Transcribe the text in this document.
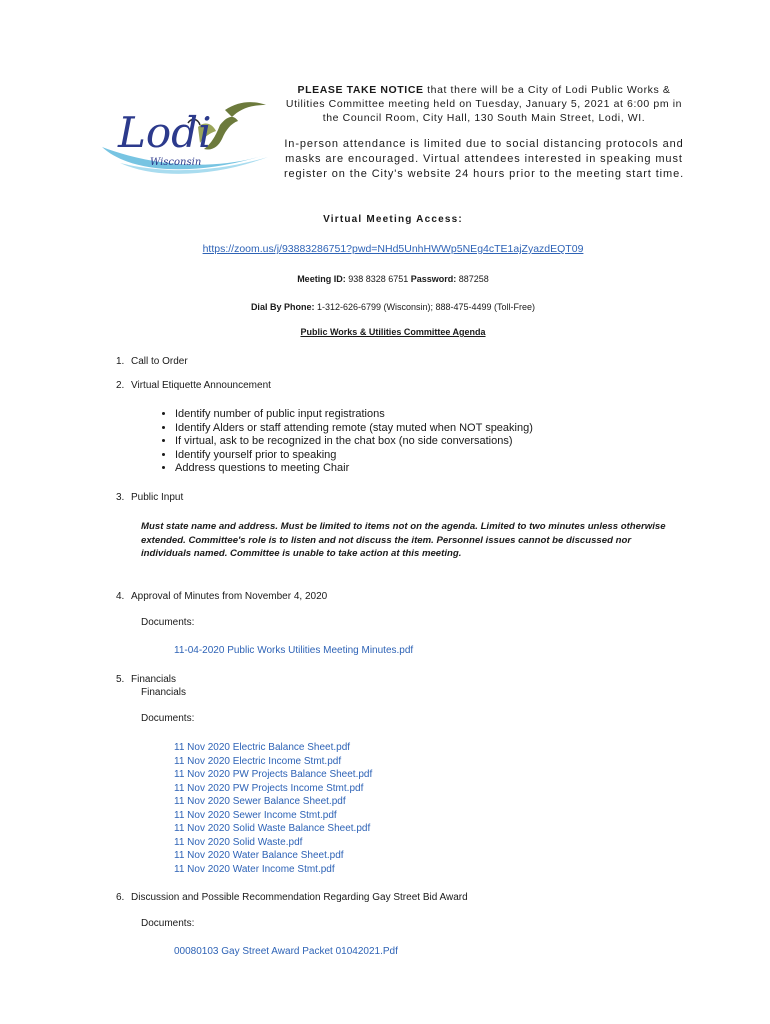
Lodi
Wisconsin

PLEASE TAKE NOTICE that there will be a City of Lodi Public Works & Utilities Committee meeting held on Tuesday, January 5, 2021 at 6:00 pm in the Council Room, City Hall, 130 South Main Street, Lodi, WI.

In-person attendance is limited due to social distancing protocols and masks are encouraged. Virtual attendees interested in speaking must register on the City's website 24 hours prior to the meeting start time.

Virtual Meeting Access:
https://zoom.us/j/93883286751?pwd=NHd5UnhHWWp5NEg4cTE1ajZyazdEQT09
Meeting ID: 938 8328 6751 Password: 887258
Dial By Phone: 1-312-626-6799 (Wisconsin); 888-475-4499 (Toll-Free)
Public Works & Utilities Committee Agenda
1. Call to Order
2. Virtual Etiquette Announcement
• Identify number of public input registrations
• Identify Alders or staff attending remote (stay muted when NOT speaking)
• If virtual, ask to be recognized in the chat box (no side conversations)
• Identify yourself prior to speaking
• Address questions to meeting Chair
3. Public Input
Must state name and address. Must be limited to items not on the agenda. Limited to two minutes unless otherwise extended. Committee's role is to listen and not discuss the item. Personnel issues cannot be discussed nor individuals named. Committee is unable to take action at this meeting.
4. Approval of Minutes from November 4, 2020
Documents:
11-04-2020 Public Works Utilities Meeting Minutes.pdf
5. Financials
Financials
Documents:
11 Nov 2020 Electric Balance Sheet.pdf
11 Nov 2020 Electric Income Stmt.pdf
11 Nov 2020 PW Projects Balance Sheet.pdf
11 Nov 2020 PW Projects Income Stmt.pdf
11 Nov 2020 Sewer Balance Sheet.pdf
11 Nov 2020 Sewer Income Stmt.pdf
11 Nov 2020 Solid Waste Balance Sheet.pdf
11 Nov 2020 Solid Waste.pdf
11 Nov 2020 Water Balance Sheet.pdf
11 Nov 2020 Water Income Stmt.pdf
6. Discussion and Possible Recommendation Regarding Gay Street Bid Award
Documents:
00080103 Gay Street Award Packet 01042021.Pdf
